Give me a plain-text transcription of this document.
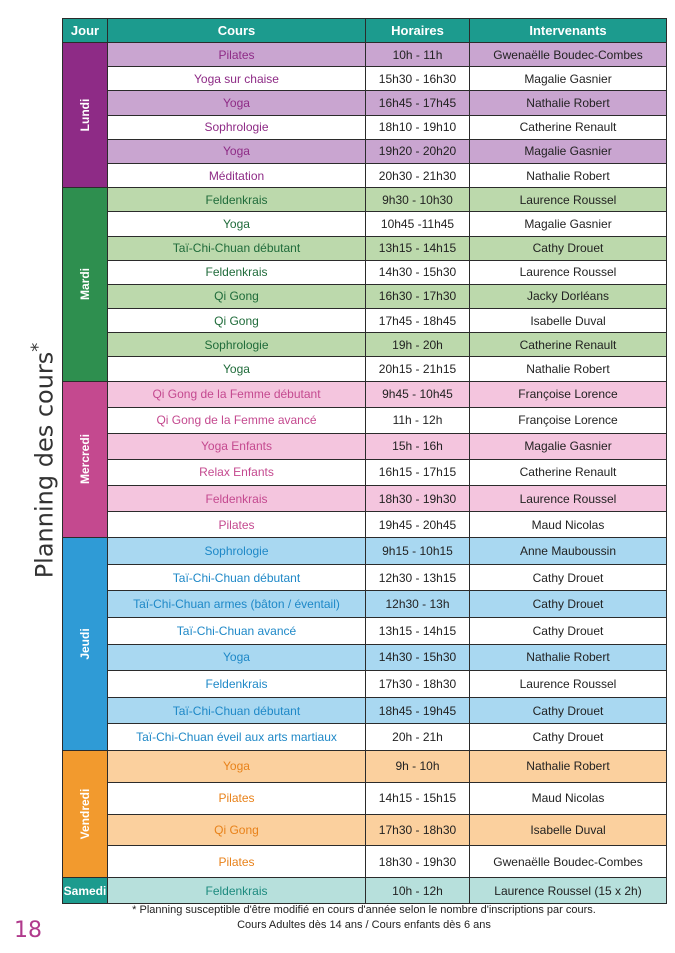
Planning des cours*
Jour	Cours	Horaires	Intervenants

Lundi	Pilates	10h - 11h	Gwenaëlle Boudec-Combes
	Yoga sur chaise	15h30 - 16h30	Magalie Gasnier
	Yoga	16h45 - 17h45	Nathalie Robert
	Sophrologie	18h10 - 19h10	Catherine Renault
	Yoga	19h20 - 20h20	Magalie Gasnier
	Méditation	20h30 - 21h30	Nathalie Robert

Mardi	Feldenkrais	9h30 - 10h30	Laurence Roussel
	Yoga	10h45 -11h45	Magalie Gasnier
	Taï-Chi-Chuan débutant	13h15 - 14h15	Cathy Drouet
	Feldenkrais	14h30 - 15h30	Laurence Roussel
	Qi Gong	16h30 - 17h30	Jacky Dorléans
	Qi Gong	17h45 - 18h45	Isabelle Duval
	Sophrologie	19h - 20h	Catherine Renault
	Yoga	20h15 - 21h15	Nathalie Robert

Mercredi	Qi Gong de la Femme débutant	9h45 - 10h45	Françoise Lorence
	Qi Gong de la Femme avancé	11h - 12h	Françoise Lorence
	Yoga Enfants	15h - 16h	Magalie Gasnier
	Relax Enfants	16h15 - 17h15	Catherine Renault
	Feldenkrais	18h30 - 19h30	Laurence Roussel
	Pilates	19h45 - 20h45	Maud Nicolas

Jeudi	Sophrologie	9h15 - 10h15	Anne Mauboussin
	Taï-Chi-Chuan débutant	12h30 - 13h15	Cathy Drouet
	Taï-Chi-Chuan armes (bâton / éventail)	12h30 - 13h	Cathy Drouet
	Taï-Chi-Chuan avancé	13h15 - 14h15	Cathy Drouet
	Yoga	14h30 - 15h30	Nathalie Robert
	Feldenkrais	17h30 - 18h30	Laurence Roussel
	Taï-Chi-Chuan débutant	18h45 - 19h45	Cathy Drouet
	Taï-Chi-Chuan éveil aux arts martiaux	20h - 21h	Cathy Drouet

Vendredi	Yoga	9h - 10h	Nathalie Robert
	Pilates	14h15 - 15h15	Maud Nicolas
	Qi Gong	17h30 - 18h30	Isabelle Duval
	Pilates	18h30 - 19h30	Gwenaëlle Boudec-Combes

Samedi	Feldenkrais	10h - 12h	Laurence Roussel (15 x 2h)
* Planning susceptible d'être modifié en cours d'année selon le nombre d'inscriptions par cours.
Cours Adultes dès 14 ans / Cours enfants dès 6 ans
18
